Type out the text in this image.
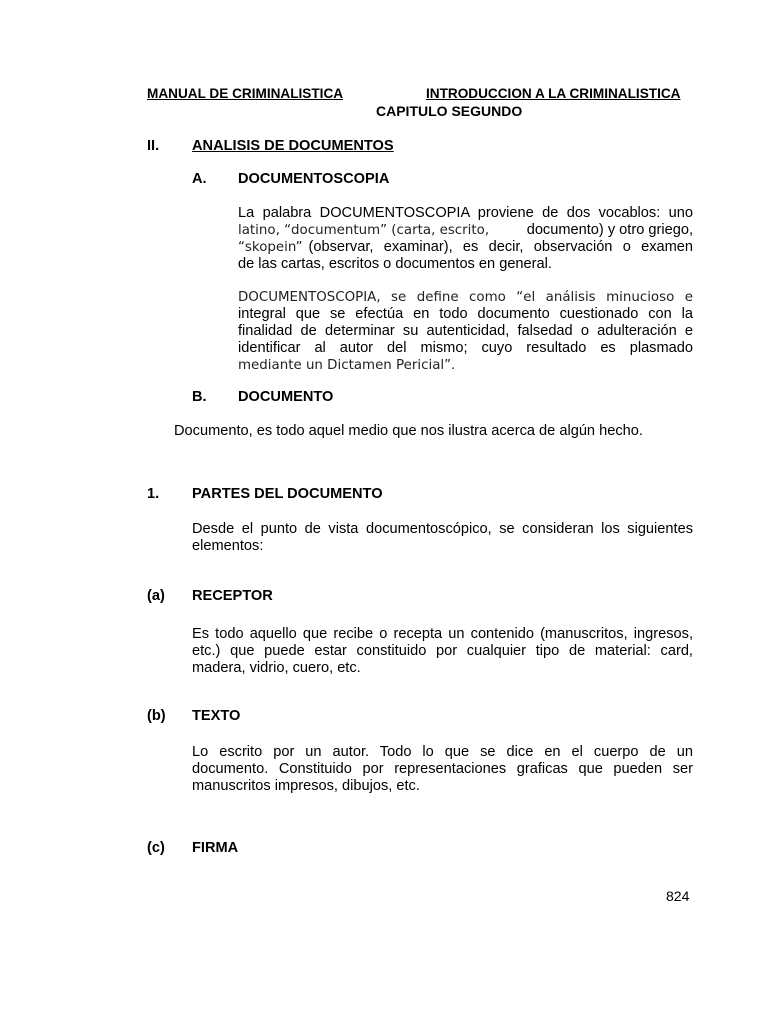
MANUAL DE CRIMINALISTICA	INTRODUCCION A LA CRIMINALISTICA
CAPITULO SEGUNDO
II. ANALISIS DE DOCUMENTOS
A. DOCUMENTOSCOPIA
La palabra DOCUMENTOSCOPIA proviene de dos vocablos: uno
latino, “documentum” (carta, escrito,	documento) y otro griego,
“skopein” (observar, examinar), es decir, observación o examen
de las cartas, escritos o documentos en general.
DOCUMENTOSCOPIA, se define como “el análisis minucioso e
integral que se efectúa en todo documento cuestionado con la
finalidad de determinar su autenticidad, falsedad o adulteración e
identificar al autor del mismo; cuyo resultado es plasmado
mediante un Dictamen Pericial”.
B. DOCUMENTO
Documento, es todo aquel medio que nos ilustra acerca de algún hecho.
1. PARTES DEL DOCUMENTO
Desde el punto de vista documentoscópico, se consideran los siguientes
elementos:
(a) RECEPTOR
Es todo aquello que recibe o recepta un contenido (manuscritos, ingresos,
etc.) que puede estar constituido por cualquier tipo de material: card,
madera, vidrio, cuero, etc.
(b) TEXTO
Lo escrito por un autor. Todo lo que se dice en el cuerpo de un
documento. Constituido por representaciones graficas que pueden ser
manuscritos impresos, dibujos, etc.
(c) FIRMA
824
